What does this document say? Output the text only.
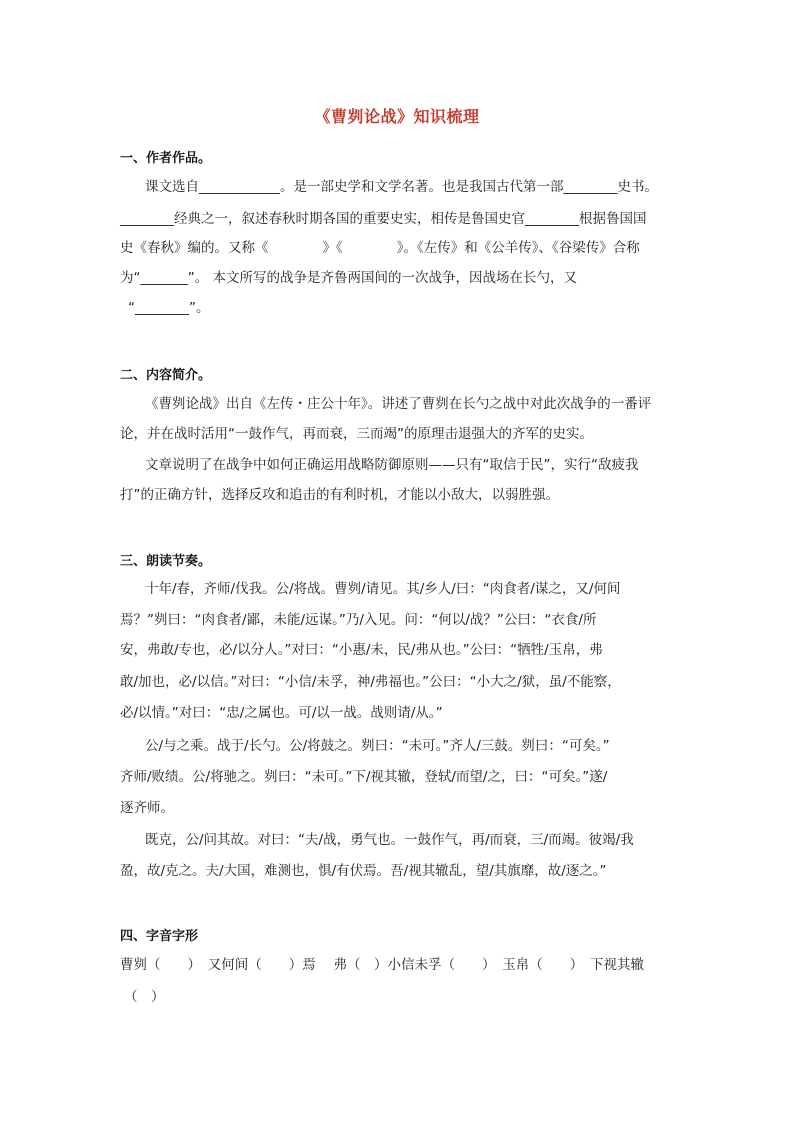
《曹刿论战》知识梳理
一、作者作品。
课文选自____________。是一部史学和文学名著。也是我国古代第一部________史书。
________经典之一，叙述春秋时期各国的重要史实，相传是鲁国史官________根据鲁国国
史《春秋》编的。又称《　　　　》《　　　　》。《左传》和《公羊传》、《谷梁传》合称
为“_______”。 本文所写的战争是齐鲁两国间的一次战争，因战场在长勺，又
“________”。
二、内容简介。
《曹刿论战》出自《左传・庄公十年》。讲述了曹刿在长勺之战中对此次战争的一番评
论，并在战时活用“一鼓作气，再而衰，三而竭”的原理击退强大的齐军的史实。
文章说明了在战争中如何正确运用战略防御原则——只有“取信于民”，实行“敌疲我
打”的正确方针，选择反攻和追击的有利时机，才能以小敌大，以弱胜强。
三、朗读节奏。
十年/春，齐师/伐我。公/将战。曹刿/请见。其/乡人/曰：“肉食者/谋之，又/何间
焉？”刿曰：“肉食者/鄙，未能/远谋。”乃/入见。问：“何以/战？”公曰：“衣食/所
安，弗敢/专也，必/以分人。”对曰：“小惠/未，民/弗从也。”公曰：“牺牲/玉帛，弗
敢/加也，必/以信。”对曰：“小信/未孚，神/弗福也。”公曰：“小大之/狱，虽/不能察，
必/以情。”对曰：“忠/之属也。可/以一战。战则请/从。”
公/与之乘。战于/长勺。公/将鼓之。刿曰：“未可。”齐人/三鼓。刿曰：“可矣。”
齐师/败绩。公/将驰之。刿曰：“未可。”下/视其辙，登轼/而望/之，曰：“可矣。”遂/
逐齐师。
既克，公/问其故。对曰：“夫/战，勇气也。一鼓作气，再/而衰，三/而竭。彼竭/我
盈，故/克之。夫/大国，难测也，惧/有伏焉。吾/视其辙乱，望/其旗靡，故/逐之。”
四、字音字形
曹刿（　　）　又何间（　　）焉　 弗（　）小信未孚（　　）　玉帛（　　）　下视其辙
（　）
